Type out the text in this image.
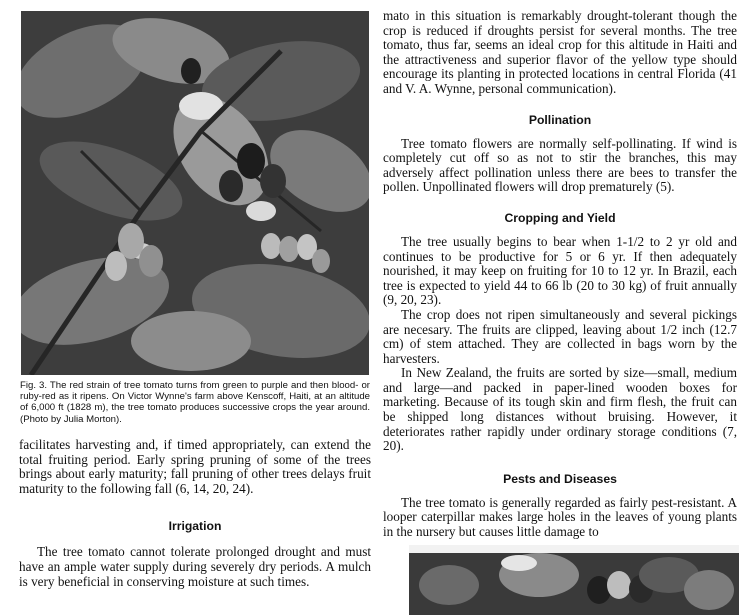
Fig. 3. The red strain of tree tomato turns from green to purple and then blood- or ruby-red as it ripens. On Victor Wynne's farm above Kenscoff, Haiti, at an altitude of 6,000 ft (1828 m), the tree tomato produces successive crops the year around. (Photo by Julia Morton).

facilitates harvesting and, if timed appropriately, can extend the total fruiting period. Early spring pruning of some of the trees brings about early maturity; fall pruning of other trees delays fruit maturity to the following fall (6, 14, 20, 24).

Irrigation

The tree tomato cannot tolerate prolonged drought and must have an ample water supply during severely dry periods. A mulch is very beneficial in conserving moisture at such times.

mato in this situation is remarkably drought-tolerant though the crop is reduced if droughts persist for several months. The tree tomato, thus far, seems an ideal crop for this altitude in Haiti and the attractiveness and superior flavor of the yellow type should encourage its planting in protected locations in central Florida (41 and V. A. Wynne, personal communication).

Pollination

Tree tomato flowers are normally self-pollinating. If wind is completely cut off so as not to stir the branches, this may adversely affect pollination unless there are bees to transfer the pollen. Unpollinated flowers will drop prematurely (5).

Cropping and Yield

The tree usually begins to bear when 1-1/2 to 2 yr old and continues to be productive for 5 or 6 yr. If then adequately nourished, it may keep on fruiting for 10 to 12 yr. In Brazil, each tree is expected to yield 44 to 66 lb (20 to 30 kg) of fruit annually (9, 20, 23).

The crop does not ripen simultaneously and several pickings are necesary. The fruits are clipped, leaving about 1/2 inch (12.7 cm) of stem attached. They are collected in bags worn by the harvesters.

In New Zealand, the fruits are sorted by size—small, medium and large—and packed in paper-lined wooden boxes for marketing. Because of its tough skin and firm flesh, the fruit can be shipped long distances without bruising. However, it deteriorates rather rapidly under ordinary storage conditions (7, 20).

Pests and Diseases

The tree tomato is generally regarded as fairly pest-resistant. A looper caterpillar makes large holes in the leaves of young plants in the nursery but causes little damage to
